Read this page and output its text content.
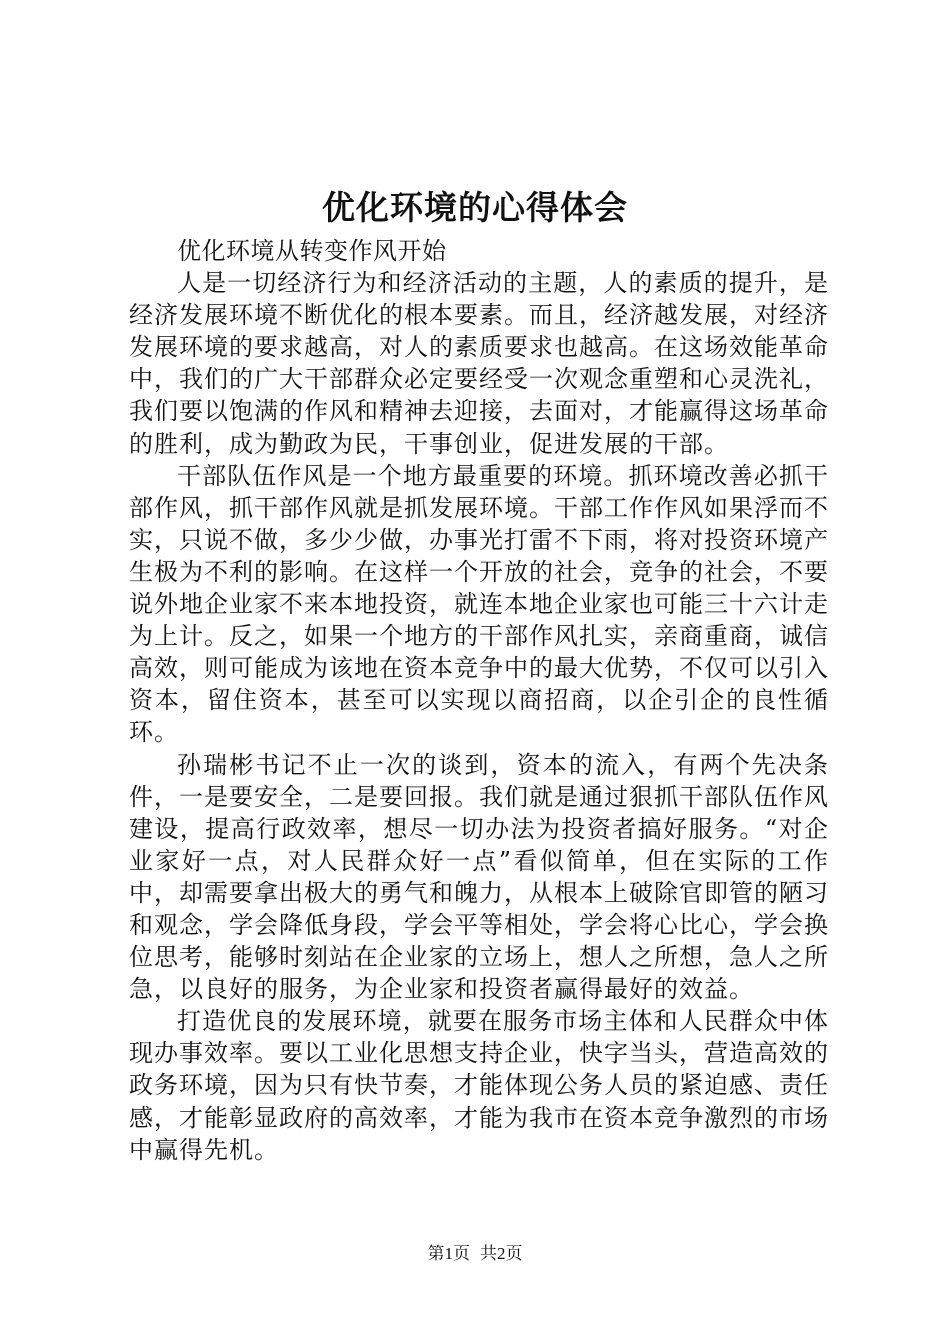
优化环境的心得体会

优化环境从转变作风开始

人是一切经济行为和经济活动的主题，人的素质的提升，是经济发展环境不断优化的根本要素。而且，经济越发展，对经济发展环境的要求越高，对人的素质要求也越高。在这场效能革命中，我们的广大干部群众必定要经受一次观念重塑和心灵洗礼，我们要以饱满的作风和精神去迎接，去面对，才能赢得这场革命的胜利，成为勤政为民，干事创业，促进发展的干部。

干部队伍作风是一个地方最重要的环境。抓环境改善必抓干部作风，抓干部作风就是抓发展环境。干部工作作风如果浮而不实，只说不做，多少少做，办事光打雷不下雨，将对投资环境产生极为不利的影响。在这样一个开放的社会，竞争的社会，不要说外地企业家不来本地投资，就连本地企业家也可能三十六计走为上计。反之，如果一个地方的干部作风扎实，亲商重商，诚信高效，则可能成为该地在资本竞争中的最大优势，不仅可以引入资本，留住资本，甚至可以实现以商招商，以企引企的良性循环。

孙瑞彬书记不止一次的谈到，资本的流入，有两个先决条件，一是要安全，二是要回报。我们就是通过狠抓干部队伍作风建设，提高行政效率，想尽一切办法为投资者搞好服务。“对企业家好一点，对人民群众好一点”看似简单，但在实际的工作中，却需要拿出极大的勇气和魄力，从根本上破除官即管的陋习和观念，学会降低身段，学会平等相处，学会将心比心，学会换位思考，能够时刻站在企业家的立场上，想人之所想，急人之所急，以良好的服务，为企业家和投资者赢得最好的效益。

打造优良的发展环境，就要在服务市场主体和人民群众中体现办事效率。要以工业化思想支持企业，快字当头，营造高效的政务环境，因为只有快节奏，才能体现公务人员的紧迫感、责任感，才能彰显政府的高效率，才能为我市在资本竞争激烈的市场中赢得先机。

第1页 共2页
